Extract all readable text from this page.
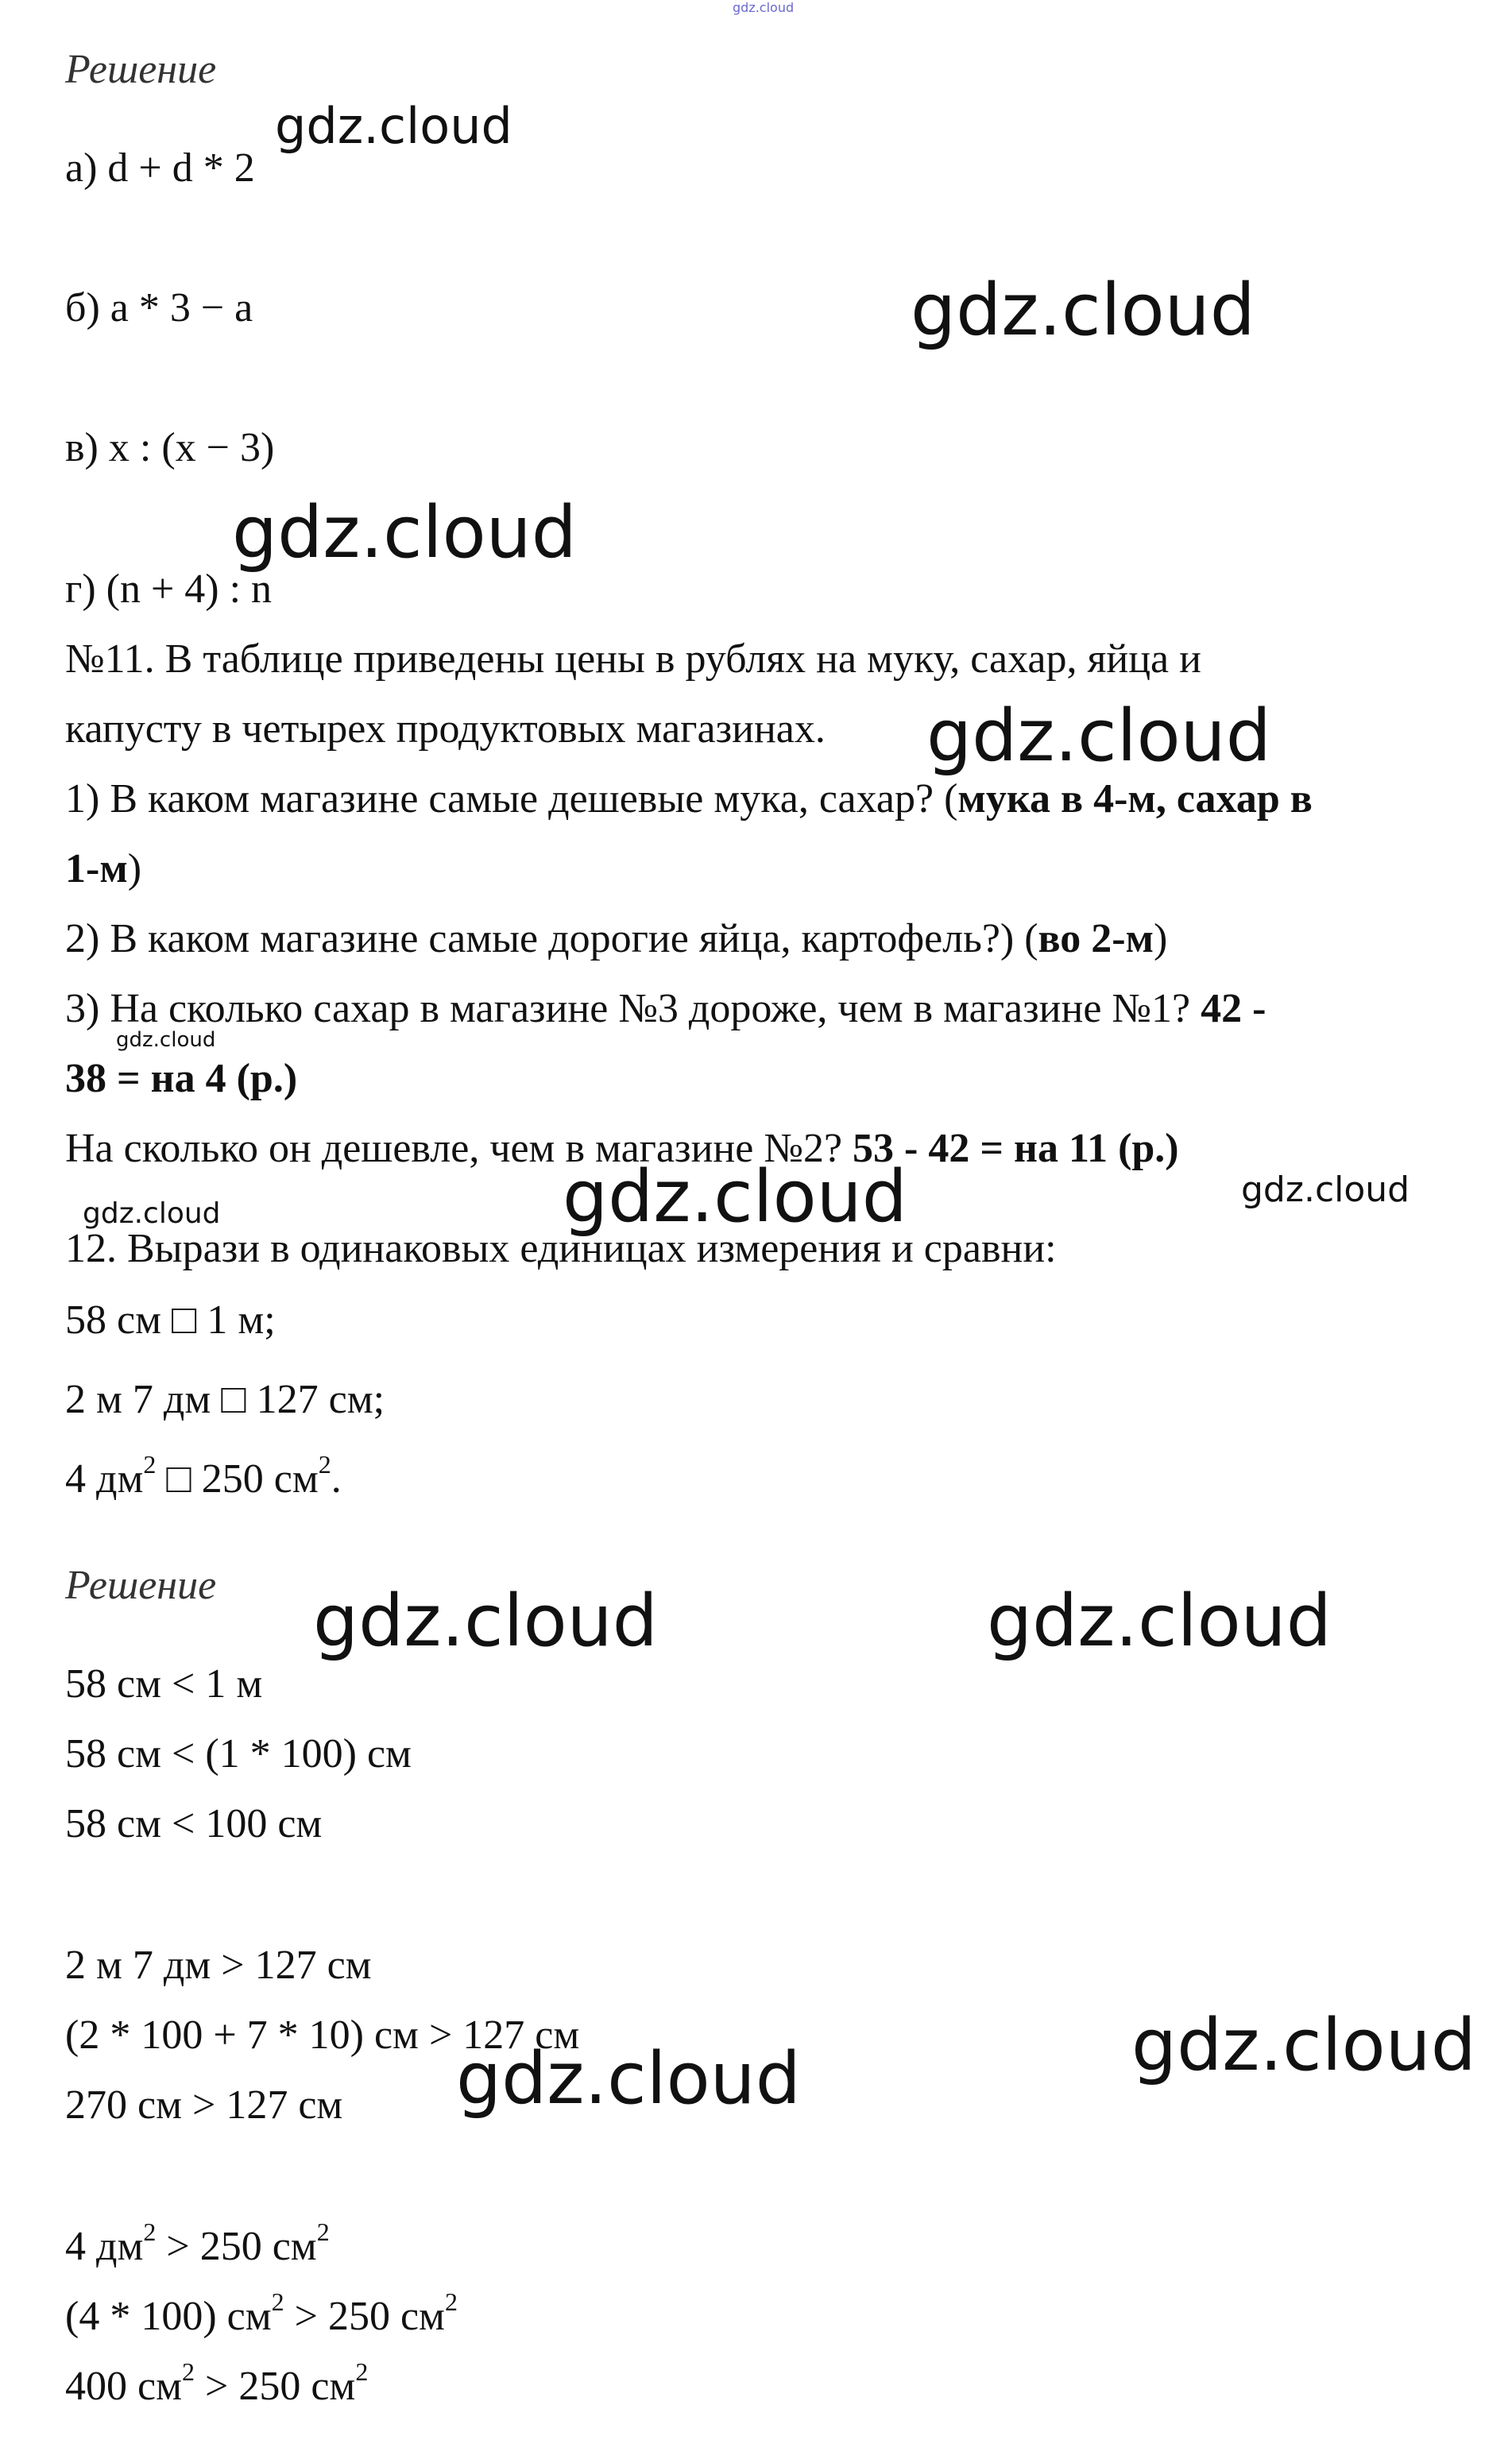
Решение
а) d + d * 2
б) а * 3 − а
в) x : (x − 3)
г) (n + 4) : n
№11. В таблице приведены цены в рублях на муку, сахар, яйца и
капусту в четырех продуктовых магазинах.
1) В каком магазине самые дешевые мука, сахар? (мука в 4-м, сахар в
1-м)
2) В каком магазине самые дорогие яйца, картофель?) (во 2-м)
3) На сколько сахар в магазине №3 дороже, чем в магазине №1? 42 -
38 = на 4 (р.)
На сколько он дешевле, чем в магазине №2? 53 - 42 = на 11 (р.)
12. Вырази в одинаковых единицах измерения и сравни:
58 см □ 1 м;
2 м 7 дм □ 127 см;
4 $дм^2$ □ 250 $см^2$.
Решение
58 см < 1 м
58 см < (1 * 100) см
58 см < 100 см
2 м 7 дм > 127 см
(2 * 100 + 7 * 10) см > 127 см
270 см > 127 см
4 $дм^2 > 250$ $см^2$
(4 * 100) $см^2 > 250$ $см^2$
400 $см^2 > 250$ $см^2$
gdz.cloud
gdz.cloud
gdz.cloud
gdz.cloud
gdz.cloud
gdz.cloud
gdz.cloud	gdz.cloud
gdz.cloud
gdz.cloud	gdz.cloud
gdz.cloud
gdz.cloud
